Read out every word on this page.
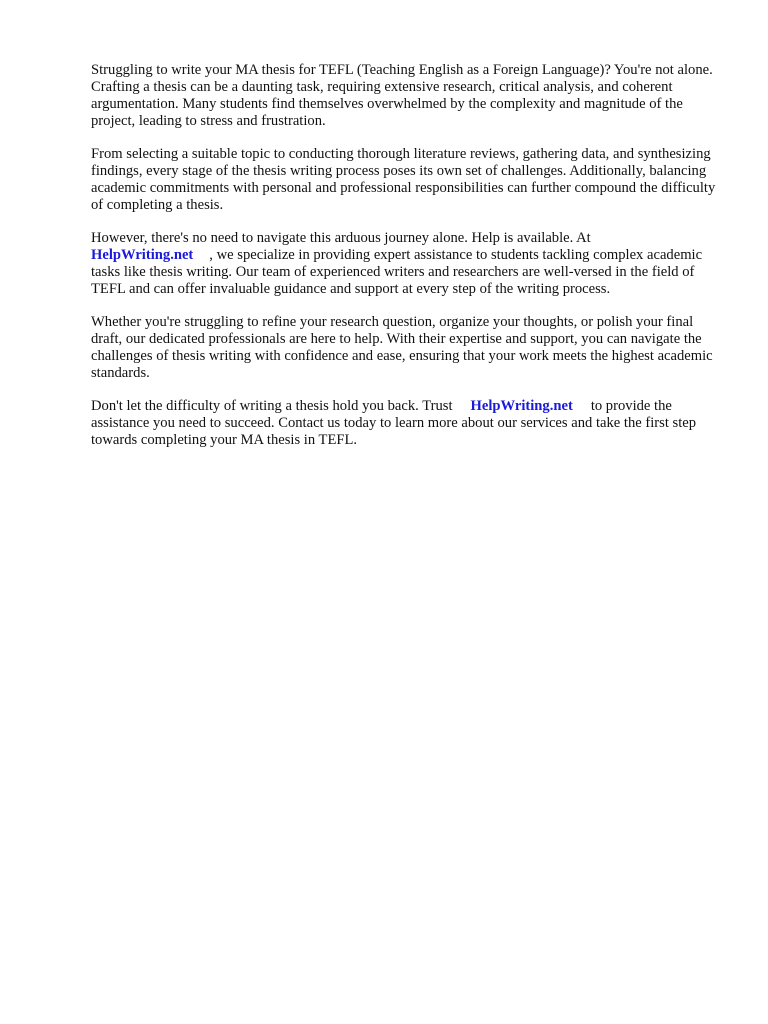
Struggling to write your MA thesis for TEFL (Teaching English as a Foreign Language)? You're not alone. Crafting a thesis can be a daunting task, requiring extensive research, critical analysis, and coherent argumentation. Many students find themselves overwhelmed by the complexity and magnitude of the project, leading to stress and frustration.

From selecting a suitable topic to conducting thorough literature reviews, gathering data, and synthesizing findings, every stage of the thesis writing process poses its own set of challenges. Additionally, balancing academic commitments with personal and professional responsibilities can further compound the difficulty of completing a thesis.

However, there's no need to navigate this arduous journey alone. Help is available. At
HelpWriting.net , we specialize in providing expert assistance to students tackling complex academic tasks like thesis writing. Our team of experienced writers and researchers are well-versed in the field of TEFL and can offer invaluable guidance and support at every step of the writing process.

Whether you're struggling to refine your research question, organize your thoughts, or polish your final draft, our dedicated professionals are here to help. With their expertise and support, you can navigate the challenges of thesis writing with confidence and ease, ensuring that your work meets the highest academic standards.

Don't let the difficulty of writing a thesis hold you back. Trust HelpWriting.net to provide the assistance you need to succeed. Contact us today to learn more about our services and take the first step towards completing your MA thesis in TEFL.
